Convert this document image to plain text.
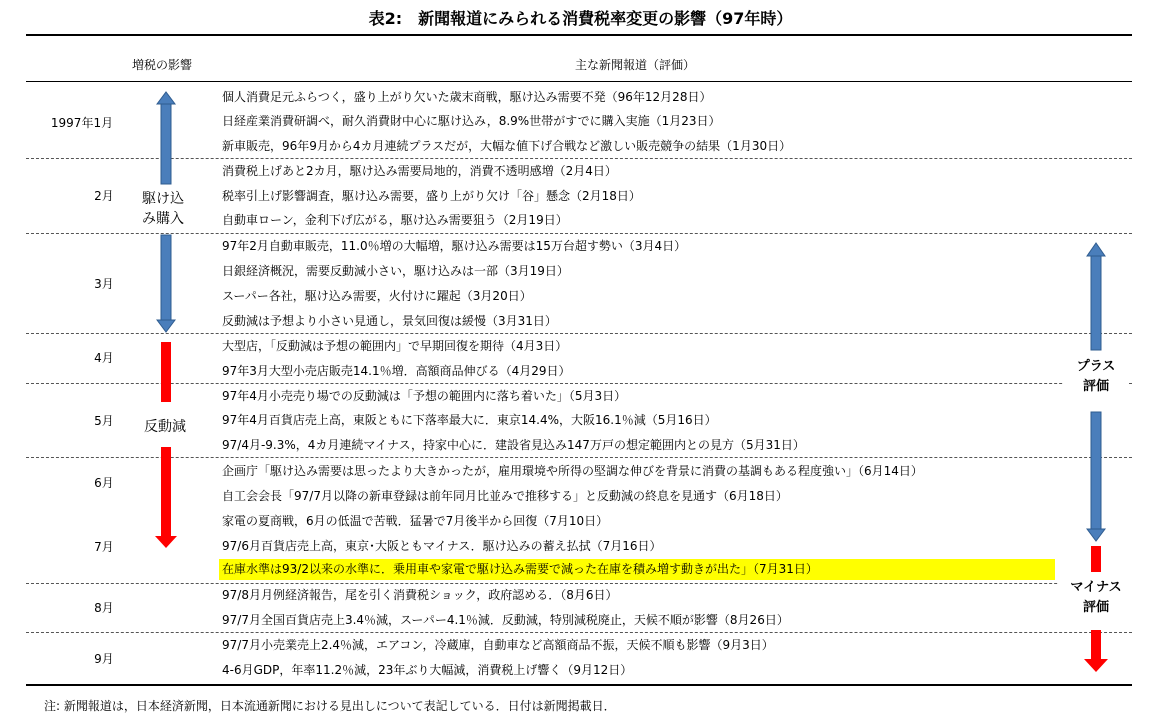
表2:　新聞報道にみられる消費税率変更の影響（97年時）
増税の影響	主な新聞報道（評価）
1997年1月
2月
3月
4月
5月
6月
7月
8月
9月
個人消費足元ふらつく，盛り上がり欠いた歳末商戦，駆け込み需要不発（96年12月28日）
日経産業消費研調べ，耐久消費財中心に駆け込み，8.9%世帯がすでに購入実施（1月23日）
新車販売，96年9月から4カ月連続プラスだが，大幅な値下げ合戦など激しい販売競争の結果（1月30日）
消費税上げあと2カ月，駆け込み需要局地的，消費不透明感増（2月4日）
税率引上げ影響調査，駆け込み需要，盛り上がり欠け「谷」懸念（2月18日）
自動車ローン，金利下げ広がる，駆け込み需要狙う（2月19日）
97年2月自動車販売，11.0％増の大幅増，駆け込み需要は15万台超す勢い（3月4日）
日銀経済概況，需要反動減小さい，駆け込みは一部（3月19日）
スーパー各社，駆け込み需要，火付けに躍起（3月20日）
反動減は予想より小さい見通し，景気回復は緩慢（3月31日）
大型店，「反動減は予想の範囲内」で早期回復を期待（4月3日）
97年3月大型小売店販売14.1％増．高額商品伸びる（4月29日）
97年4月小売売り場での反動減は「予想の範囲内に落ち着いた」（5月3日）
97年4月百貨店売上高，東阪ともに下落率最大に．東京14.4%，大阪16.1％減（5月16日）
97/4月-9.3%，4カ月連続マイナス，持家中心に．建設省見込み147万戸の想定範囲内との見方（5月31日）
企画庁「駆け込み需要は思ったより大きかったが，雇用環境や所得の堅調な伸びを背景に消費の基調もある程度強い」（6月14日）
自工会会長「97/7月以降の新車登録は前年同月比並みで推移する」と反動減の終息を見通す（6月18日）
家電の夏商戦，6月の低温で苦戦．猛暑で7月後半から回復（7月10日）
97/6月百貨店売上高，東京･大阪ともマイナス．駆け込みの蓄え払拭（7月16日）
在庫水準は93/2以来の水準に．乗用車や家電で駆け込み需要で減った在庫を積み増す動きが出た」（7月31日）
97/8月月例経済報告，尾を引く消費税ショック，政府認める．（8月6日）
97/7月全国百貨店売上3.4％減，スーパー4.1％減．反動減，特別減税廃止，天候不順が影響（8月26日）
97/7月小売業売上2.4％減，エアコン，冷蔵庫，自動車など高額商品不振，天候不順も影響（9月3日）
4-6月GDP，年率11.2％減，23年ぶり大幅減，消費税上げ響く（9月12日）
駆け込
み購入
反動減
プラス
評価
マイナス
評価
注: 新聞報道は，日本経済新聞，日本流通新聞における見出しについて表記している．日付は新聞掲載日．
